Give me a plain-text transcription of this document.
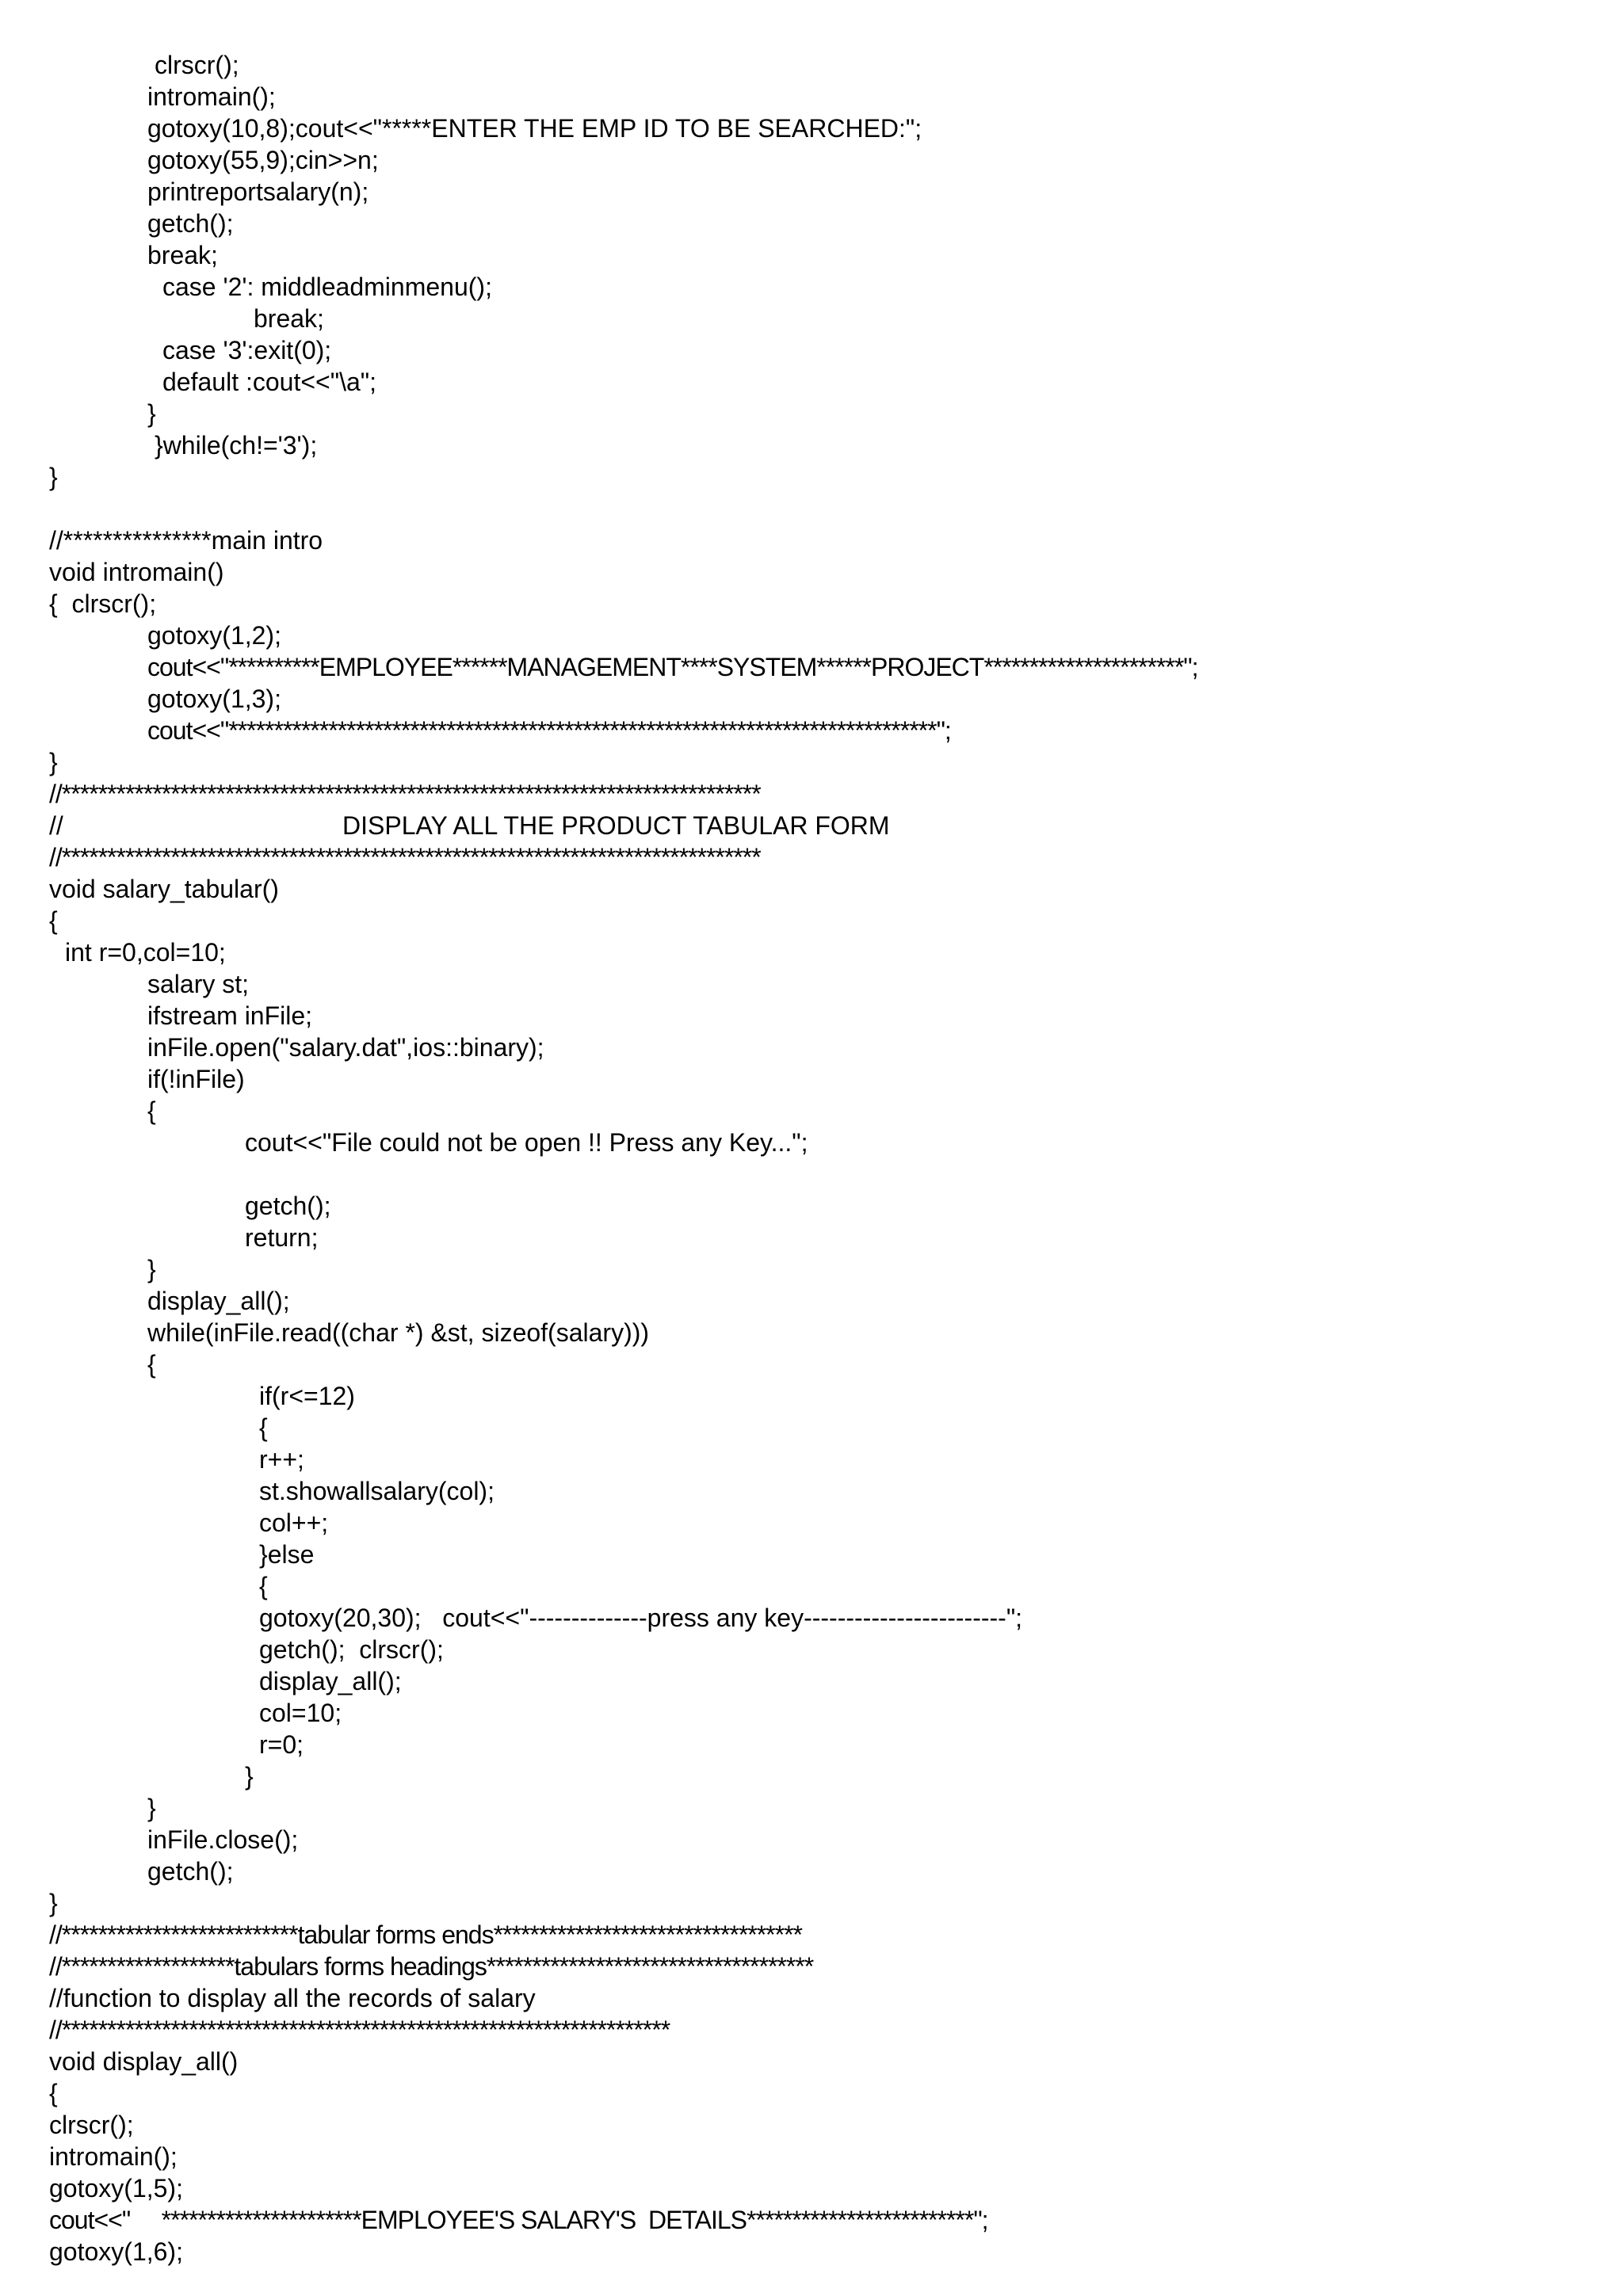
clrscr();
intromain();
gotoxy(10,8);cout<<"*****ENTER THE EMP ID TO BE SEARCHED:";
gotoxy(55,9);cin>>n;
printreportsalary(n);
getch();
break;
case '2': middleadminmenu();
break;
case '3':exit(0);
default :cout<<"\a";
}
}while(ch!='3');
}
//***************main intro
void intromain()
{  clrscr();
gotoxy(1,2);
cout<<"**********EMPLOYEE******MANAGEMENT****SYSTEM******PROJECT**********************";
gotoxy(1,3);
cout<<"******************************************************************************";
}
//*****************************************************************************
//	DISPLAY ALL THE PRODUCT TABULAR FORM
//*****************************************************************************
void salary_tabular()
{
int r=0,col=10;
salary st;
ifstream inFile;
inFile.open("salary.dat",ios::binary);
if(!inFile)
{
cout<<"File could not be open !! Press any Key...";
getch();
return;
}
display_all();
while(inFile.read((char *) &st, sizeof(salary)))
{
if(r<=12)
{
r++;
st.showallsalary(col);
col++;
}else
{
gotoxy(20,30);   cout<<"--------------press any key------------------------";
getch();  clrscr();
display_all();
col=10;
r=0;
}
}
inFile.close();
getch();
}
//**************************tabular forms ends**********************************
//*******************tabulars forms headings************************************
//function to display all the records of salary
//*******************************************************************
void display_all()
{
clrscr();
intromain();
gotoxy(1,5);
cout<<"     **********************EMPLOYEE'S SALARY'S  DETAILS*************************";
gotoxy(1,6);
